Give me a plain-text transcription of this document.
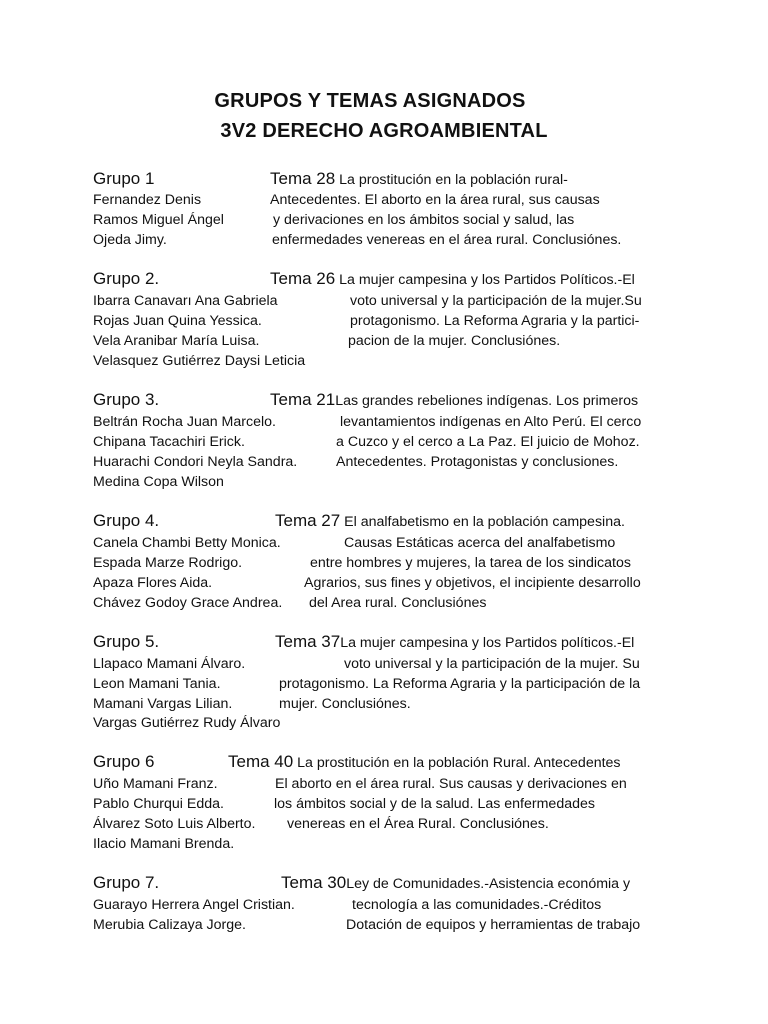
GRUPOS Y TEMAS ASIGNADOS
3V2 DERECHO AGROAMBIENTAL
Grupo 1	Tema 28 La prostitución en la población rural-
Fernandez Denis
Ramos Miguel Ángel
Ojeda Jimy.
Antecedentes. El aborto en la área rural, sus causas
y derivaciones en los ámbitos social y salud, las
enfermedades venereas en el área rural. Conclusiónes.
Grupo 2.	Tema 26 La mujer campesina y los Partidos Políticos.-El
Ibarra Canavarı Ana Gabriela
Rojas Juan Quina Yessica.
Vela Aranibar María Luisa.
Velasquez Gutiérrez Daysi Leticia
voto universal y la participación de la mujer.Su
protagonismo. La Reforma Agraria y la partici-
pacion de la mujer. Conclusiónes.
Grupo 3.	Tema 21Las grandes rebeliones indígenas. Los primeros
Beltrán Rocha Juan Marcelo.
Chipana Tacachiri Erick.
Huarachi Condori Neyla Sandra.
Medina Copa Wilson
levantamientos indígenas en Alto Perú. El cerco
a Cuzco y el cerco a La Paz. El juicio de Mohoz.
Antecedentes. Protagonistas y conclusiones.
Grupo 4.	Tema 27 El analfabetismo en la población campesina.
Canela Chambi Betty Monica.
Espada Marze Rodrigo.
Apaza Flores Aida.
Chávez Godoy Grace Andrea.
Causas Estáticas acerca del analfabetismo
entre hombres y mujeres, la tarea de los sindicatos
Agrarios, sus fines y objetivos, el incipiente desarrollo
del Area rural. Conclusiónes
Grupo 5.	Tema 37La mujer campesina y los Partidos políticos.-El
Llapaco Mamani Álvaro.
Leon Mamani Tania.
Mamani Vargas Lilian.
Vargas Gutiérrez Rudy Álvaro
voto universal y la participación de la mujer. Su
protagonismo. La Reforma Agraria y la participación de la
mujer. Conclusiónes.
Grupo 6	Tema 40 La prostitución en la población Rural. Antecedentes
Uño Mamani Franz.
Pablo Churqui Edda.
Álvarez Soto Luis Alberto.
Ilacio Mamani Brenda.
El aborto en el área rural. Sus causas y derivaciones en
los ámbitos social y de la salud. Las enfermedades
venereas en el Área Rural. Conclusiónes.
Grupo 7.	Tema 30Ley de Comunidades.-Asistencia económia y
Guarayo Herrera Angel Cristian.
Merubia Calizaya Jorge.
tecnología a las comunidades.-Créditos
Dotación de equipos y herramientas de trabajo
